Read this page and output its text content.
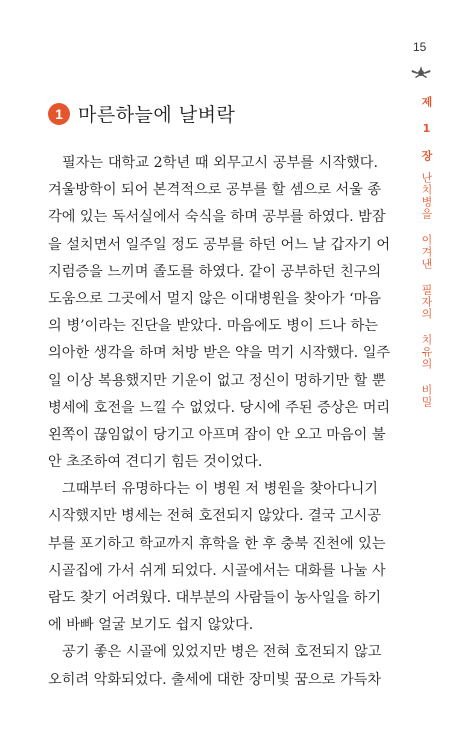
15
제 1 장
난치병을 이겨낸 필자의 치유의 비밀
1 마른하늘에 날벼락
필자는 대학교 2학년 때 외무고시 공부를 시작했다.
겨울방학이 되어 본격적으로 공부를 할 셈으로 서울 종
각에 있는 독서실에서 숙식을 하며 공부를 하였다. 밤잠
을 설치면서 일주일 정도 공부를 하던 어느 날 갑자기 어
지럼증을 느끼며 졸도를 하였다. 같이 공부하던 친구의
도움으로 그곳에서 멀지 않은 이대병원을 찾아가 ‘마음
의 병’이라는 진단을 받았다. 마음에도 병이 드나 하는
의아한 생각을 하며 처방 받은 약을 먹기 시작했다. 일주
일 이상 복용했지만 기운이 없고 정신이 멍하기만 할 뿐
병세에 호전을 느낄 수 없었다. 당시에 주된 증상은 머리
왼쪽이 끊임없이 당기고 아프며 잠이 안 오고 마음이 불
안 초조하여 견디기 힘든 것이었다.
그때부터 유명하다는 이 병원 저 병원을 찾아다니기
시작했지만 병세는 전혀 호전되지 않았다. 결국 고시공
부를 포기하고 학교까지 휴학을 한 후 충북 진천에 있는
시골집에 가서 쉬게 되었다. 시골에서는 대화를 나눌 사
람도 찾기 어려웠다. 대부분의 사람들이 농사일을 하기
에 바빠 얼굴 보기도 쉽지 않았다.
공기 좋은 시골에 있었지만 병은 전혀 호전되지 않고
오히려 악화되었다. 출세에 대한 장미빛 꿈으로 가득차
